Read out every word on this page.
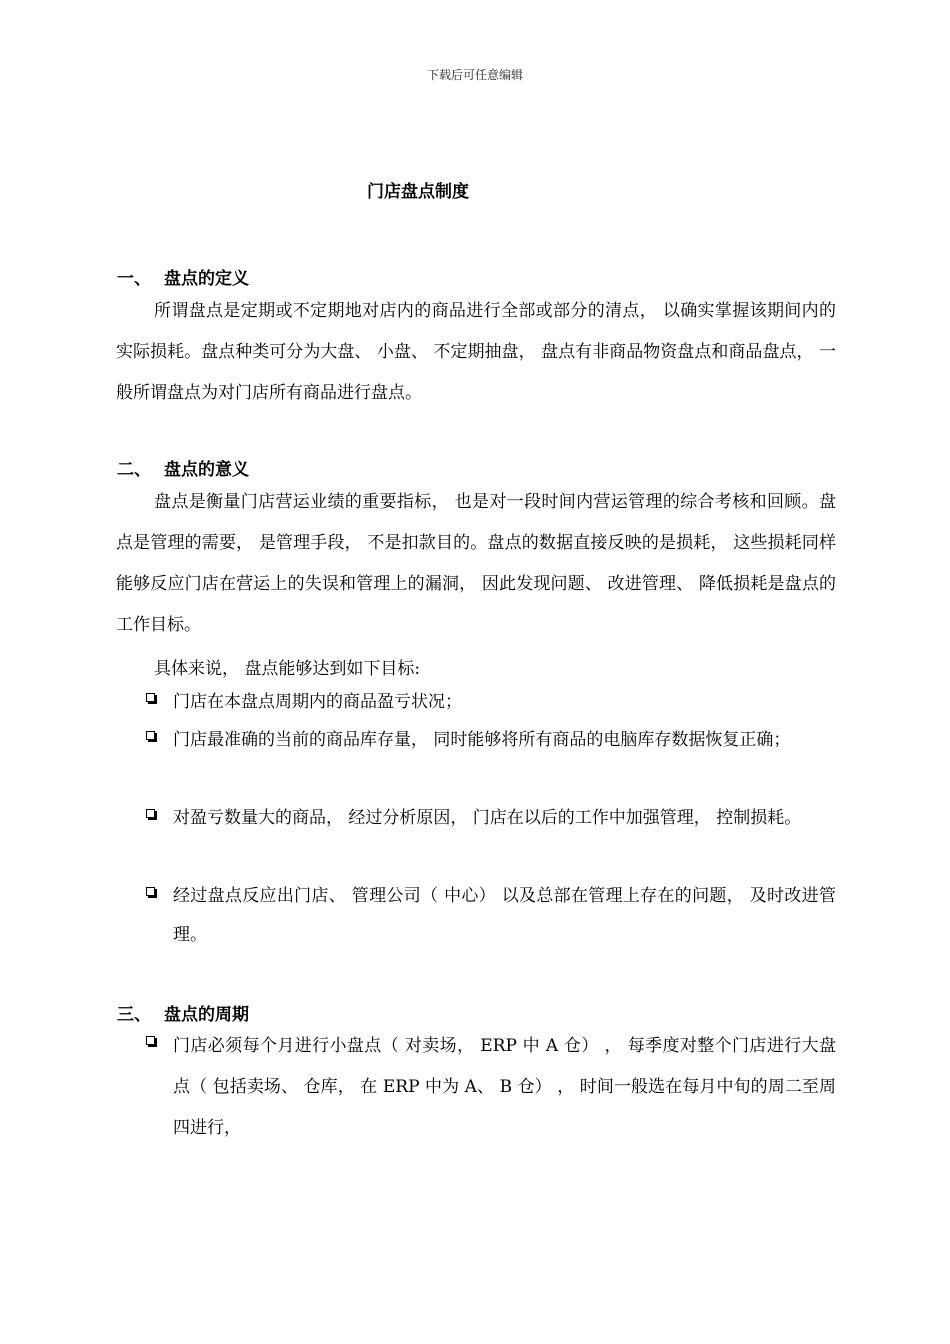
下载后可任意编辑
门店盘点制度
一、 盘点的定义

所谓盘点是定期或不定期地对店内的商品进行全部或部分的清点， 以确实掌握该期间内的实际损耗。盘点种类可分为大盘、 小盘、 不定期抽盘， 盘点有非商品物资盘点和商品盘点， 一般所谓盘点为对门店所有商品进行盘点。

二、 盘点的意义

盘点是衡量门店营运业绩的重要指标， 也是对一段时间内营运管理的综合考核和回顾。盘点是管理的需要， 是管理手段， 不是扣款目的。盘点的数据直接反映的是损耗， 这些损耗同样能够反应门店在营运上的失误和管理上的漏洞， 因此发现问题、 改进管理、 降低损耗是盘点的工作目标。

具体来说， 盘点能够达到如下目标:

门店在本盘点周期内的商品盈亏状况；

门店最准确的当前的商品库存量， 同时能够将所有商品的电脑库存数据恢复正确；

对盈亏数量大的商品， 经过分析原因， 门店在以后的工作中加强管理， 控制损耗。

经过盘点反应出门店、 管理公司（ 中心） 以及总部在管理上存在的问题， 及时改进管理。

三、 盘点的周期

门店必须每个月进行小盘点（ 对卖场， ERP 中 A 仓） ， 每季度对整个门店进行大盘点（ 包括卖场、 仓库， 在 ERP 中为 A、 B 仓） ， 时间一般选在每月中旬的周二至周四进行，
